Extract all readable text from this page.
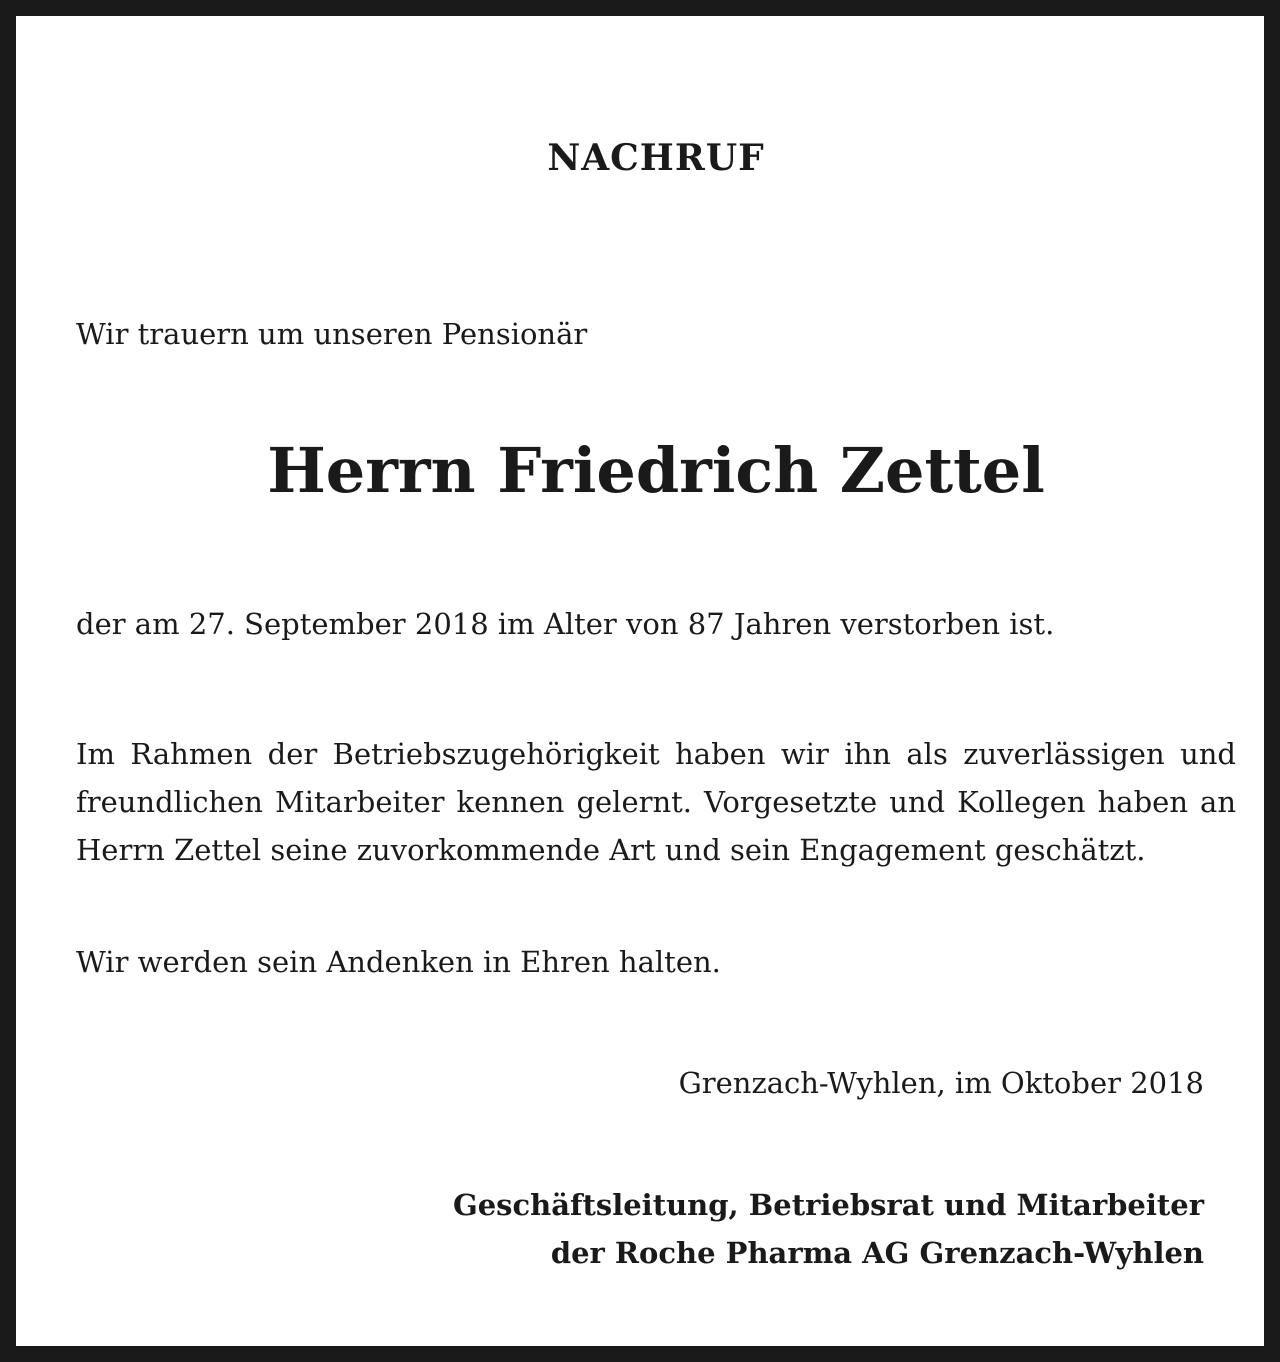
NACHRUF
Wir trauern um unseren Pensionär
Herrn Friedrich Zettel
der am 27. September 2018 im Alter von 87 Jahren verstorben ist.

Im Rahmen der Betriebszugehörigkeit haben wir ihn als zuverlässigen und freundlichen Mitarbeiter kennen gelernt. Vorgesetzte und Kollegen haben an Herrn Zettel seine zuvorkommende Art und sein Engagement geschätzt.

Wir werden sein Andenken in Ehren halten.
Grenzach-Wyhlen, im Oktober 2018
Geschäftsleitung, Betriebsrat und Mitarbeiter
der Roche Pharma AG Grenzach-Wyhlen
